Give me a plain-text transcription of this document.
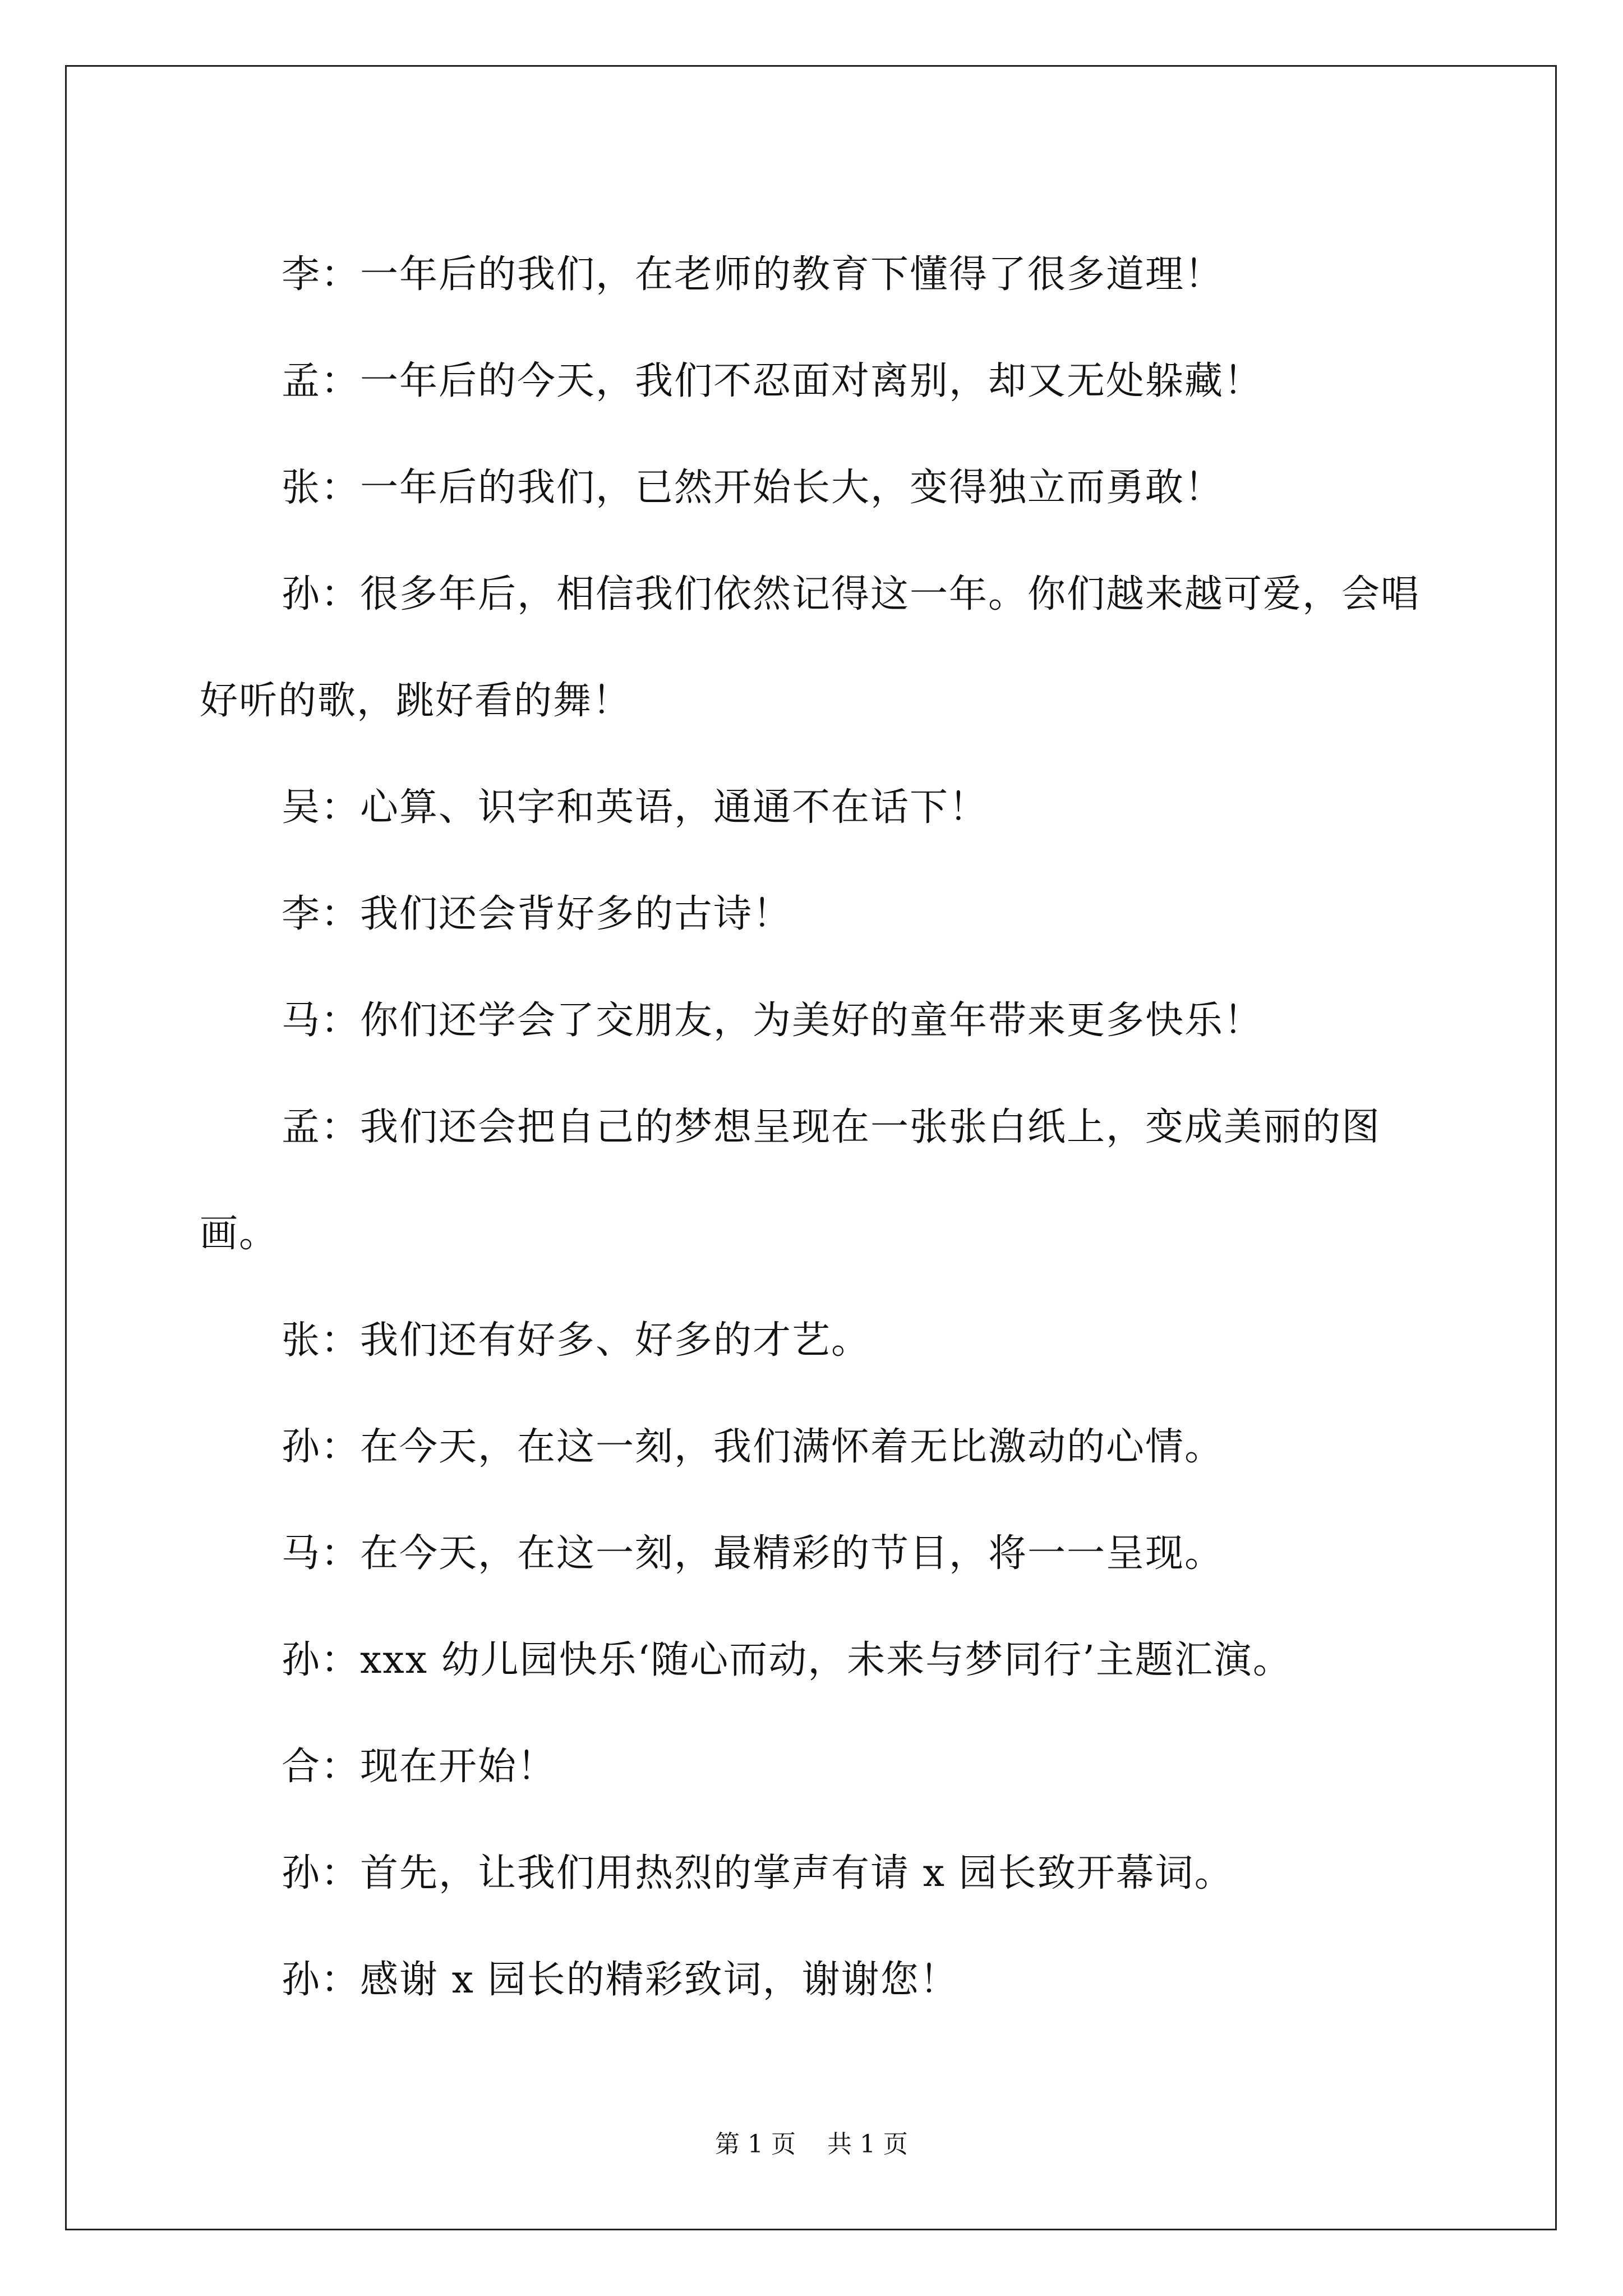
李：一年后的我们，在老师的教育下懂得了很多道理！

孟：一年后的今天，我们不忍面对离别，却又无处躲藏！

张：一年后的我们，已然开始长大，变得独立而勇敢！

孙：很多年后，相信我们依然记得这一年。你们越来越可爱，会唱好听的歌，跳好看的舞！

吴：心算、识字和英语，通通不在话下！

李：我们还会背好多的古诗！

马：你们还学会了交朋友，为美好的童年带来更多快乐！

孟：我们还会把自己的梦想呈现在一张张白纸上，变成美丽的图画。

张：我们还有好多、好多的才艺。

孙：在今天，在这一刻，我们满怀着无比激动的心情。

马：在今天，在这一刻，最精彩的节目，将一一呈现。

孙：xxx 幼儿园快乐‘随心而动，未来与梦同行’主题汇演。

合：现在开始！

孙：首先，让我们用热烈的掌声有请 x 园长致开幕词。

孙：感谢 x 园长的精彩致词，谢谢您！

第 1 页    共 1 页
